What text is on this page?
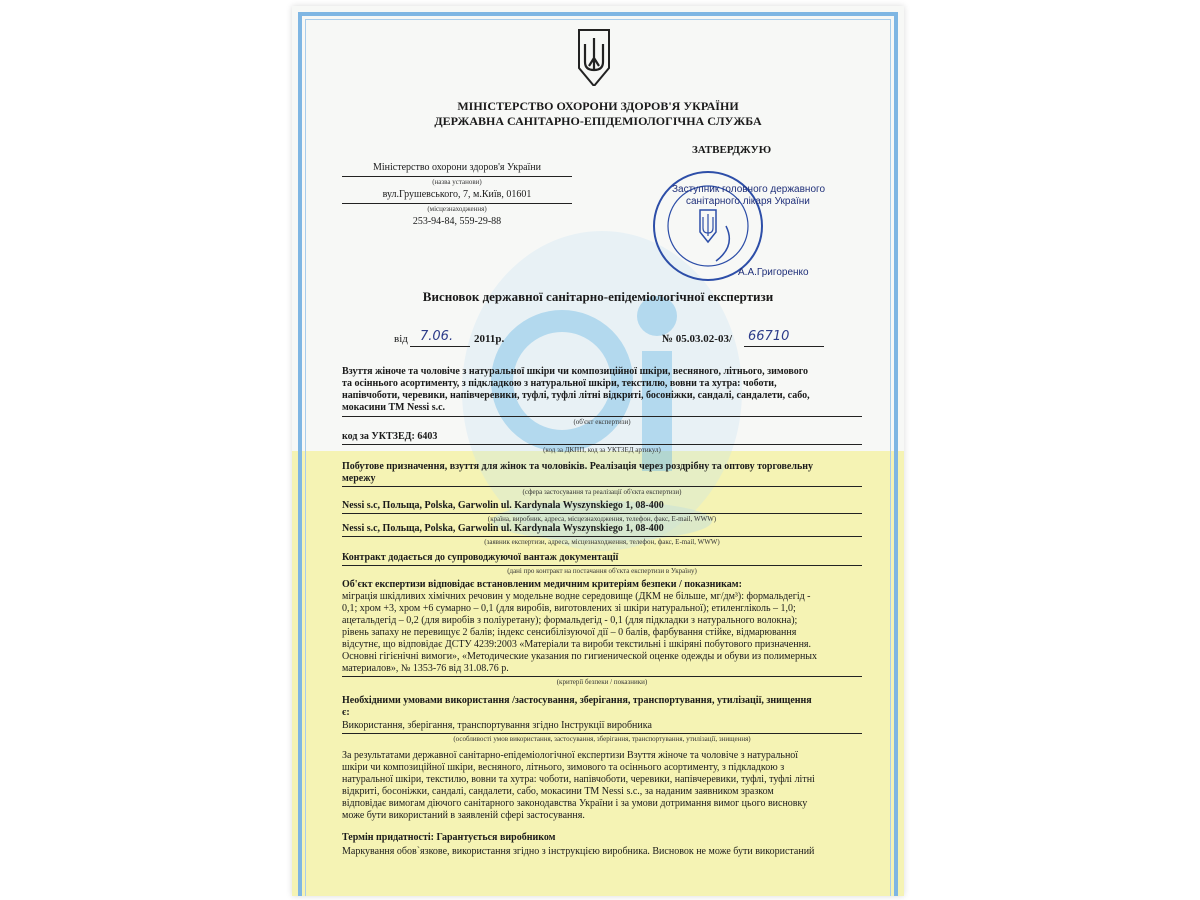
МІНІСТЕРСТВО ОХОРОНИ ЗДОРОВ'Я УКРАЇНИ
ДЕРЖАВНА САНІТАРНО-ЕПІДЕМІОЛОГІЧНА СЛУЖБА
Міністерство охорони здоров'я України
(назва установи)
вул.Грушевського, 7, м.Київ, 01601
(місцезнаходження)
253-94-84, 559-29-88
ЗАТВЕРДЖУЮ
Заступник головного державного
санітарного лікаря України
А.А.Григоренко
Висновок державної санітарно-епідеміологічної експертизи
від 7.06. 2011р.	№ 05.03.02-03/ 66710
Взуття жіноче та чоловіче з натуральної шкіри чи композиційної шкіри, весняного, літнього, зимового
та осіннього асортименту, з підкладкою з натуральної шкіри, текстилю, вовни та хутра: чоботи,
напівчоботи, черевики, напівчеревики, туфлі, туфлі літні відкриті, босоніжки, сандалі, сандалети, сабо,
мокасини ТМ Nessi s.c.
(об'єкт експертизи)
код за УКТЗЕД: 6403
(код за ДКПП, код за УКТЗЕД артикул)
Побутове призначення, взуття для жінок та чоловіків. Реалізація через роздрібну та оптову торговельну
мережу
(сфера застосування та реалізації об'єкта експертизи)
Nessi s.c, Польща, Polska, Garwolin ul. Kardynala Wyszynskiego 1, 08-400
(країна, виробник, адреса, місцезнаходження, телефон, факс, E-mail, WWW)
Nessi s.c, Польща, Polska, Garwolin ul. Kardynala Wyszynskiego 1, 08-400
(заявник експертизи, адреса, місцезнаходження, телефон, факс, E-mail, WWW)
Контракт додається до супроводжуючої вантаж документації
(дані про контракт на постачання об'єкта експертизи в Україну)
Об'єкт експертизи відповідає встановленим медичним критеріям безпеки / показникам:
міграція шкідливих хімічних речовин у модельне водне середовище (ДКМ не більше, мг/дм³): формальдегід -
0,1; хром +3, хром +6 сумарно – 0,1 (для виробів, виготовлених зі шкіри натуральної); етиленгліколь – 1,0;
ацетальдегід – 0,2 (для виробів з поліуретану); формальдегід - 0,1 (для підкладки з натурального волокна);
рівень запаху не перевищує 2 балів; індекс сенсибілізуючої дії – 0 балів, фарбування стійке, відмарювання
відсутнє, що відповідає ДСТУ 4239:2003 «Матеріали та вироби текстильні і шкіряні побутового призначення.
Основні гігієнічні вимоги», «Методические указания по гигиенической оценке одежды и обуви из полимерных
материалов», № 1353-76 від 31.08.76 р.
(критерії безпеки / показники)
Необхідними умовами використання /застосування, зберігання, транспортування, утилізації, знищення
є:
Використання, зберігання, транспортування згідно Інструкції виробника
(особливості умов використання, застосування, зберігання, транспортування, утилізації, знищення)
За результатами державної санітарно-епідеміологічної експертизи Взуття жіноче та чоловіче з натуральної
шкіри чи композиційної шкіри, весняного, літнього, зимового та осіннього асортименту, з підкладкою з
натуральної шкіри, текстилю, вовни та хутра: чоботи, напівчоботи, черевики, напівчеревики, туфлі, туфлі літні
відкриті, босоніжки, сандалі, сандалети, сабо, мокасини ТМ Nessi s.c., за наданим заявником зразком
відповідає вимогам діючого санітарного законодавства України і за умови дотримання вимог цього висновку
може бути використаний в заявленій сфері застосування.
Термін придатності: Гарантується виробником
Маркування обов`язкове, використання згідно з інструкцією виробника. Висновок не може бути використаний
